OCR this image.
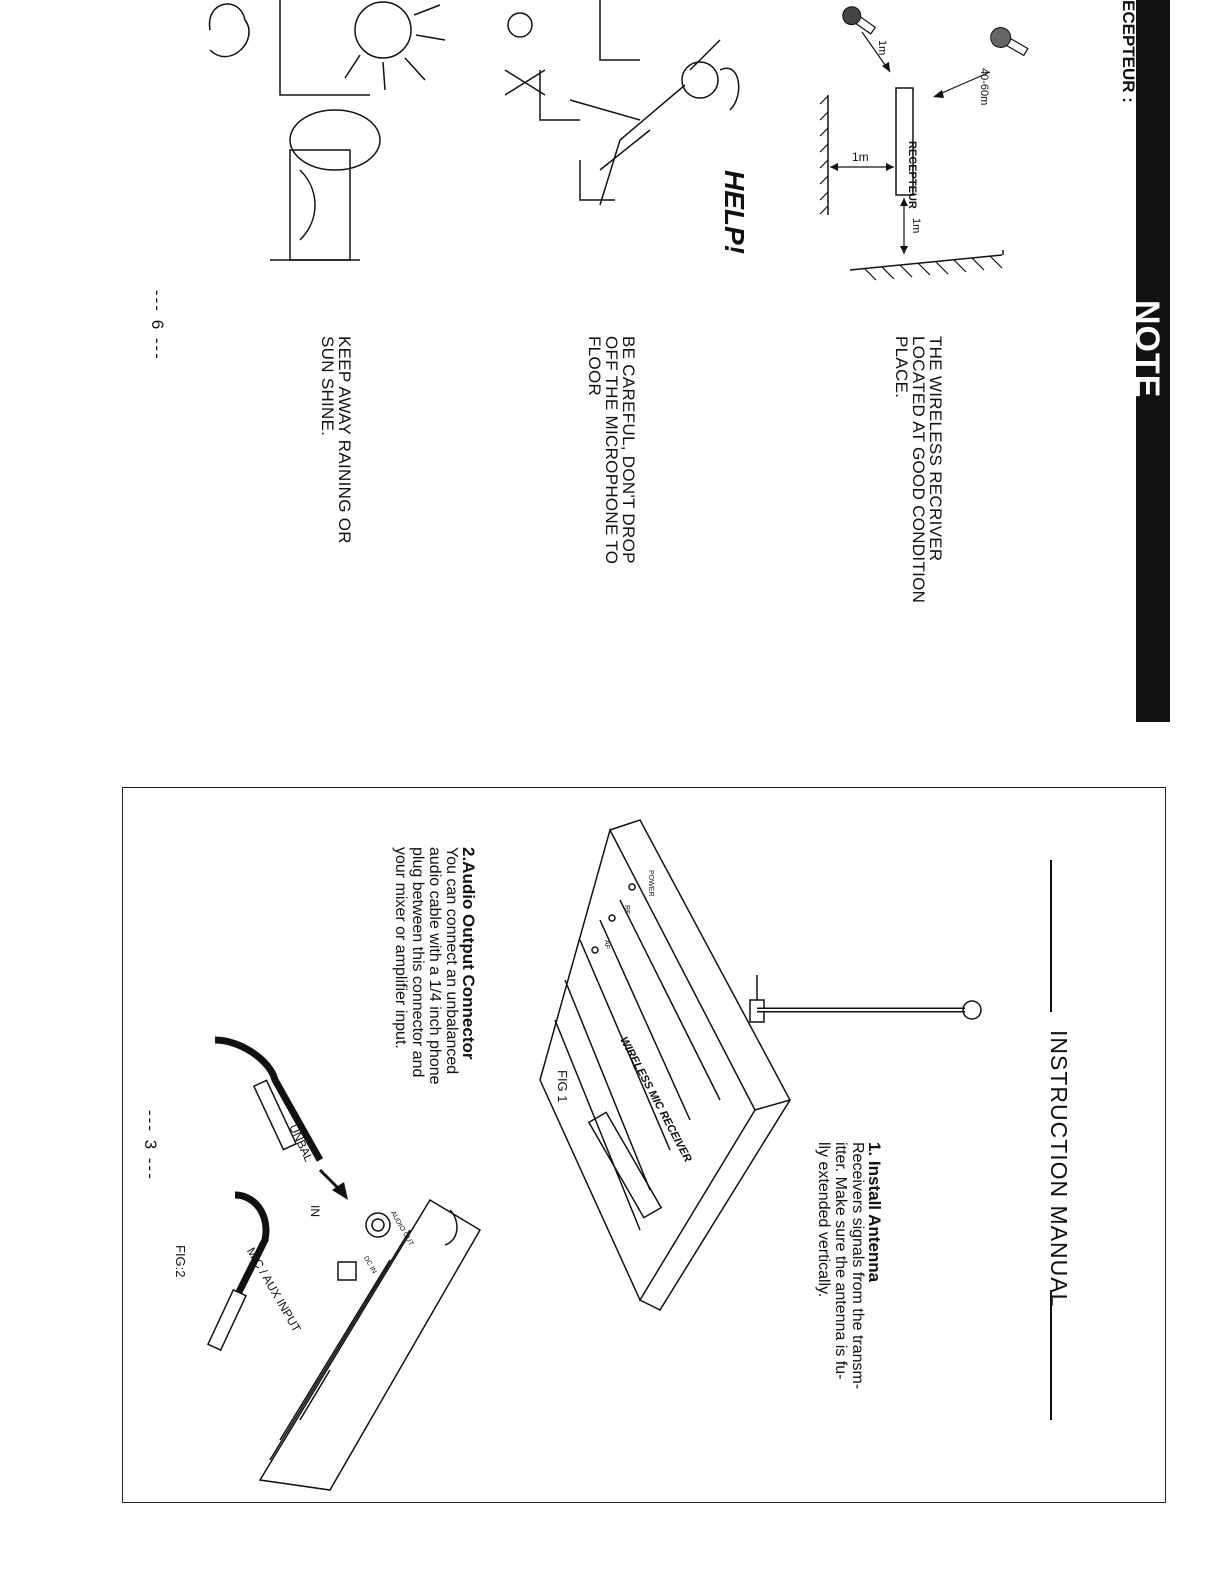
NOTE
ECEPTEUR :
RECEPTEUR
1m
1m
1m
40-60m
HELP!
THE WIRELESS RECRIVER
LOCATED AT GOOD CONDITION
PLACE.
BE CAREFUL, DON'T DROP
OFF THE MICROPHONE TO
FLOOR
KEEP AWAY RAINING OR
SUN SHINE.
--- 6 ---
INSTRUCTION MANUAL
1. Install Antenna
Receivers signals from the transm-
itter. Make sure the antenna is fu-
lly extended vertically.
WIRELESS MIC RECEIVER
POWER
RF
AF
FIG 1
2.Audio Output Connector
You can connect an unbalanced
audio cable with a 1/4 inch phone
plug between this connector and
your mixer or amplifier input.
UNBAL
IN
MIC / AUX INPUT
AUDIO OUT
DC IN
FIG:2
--- 3 ---
